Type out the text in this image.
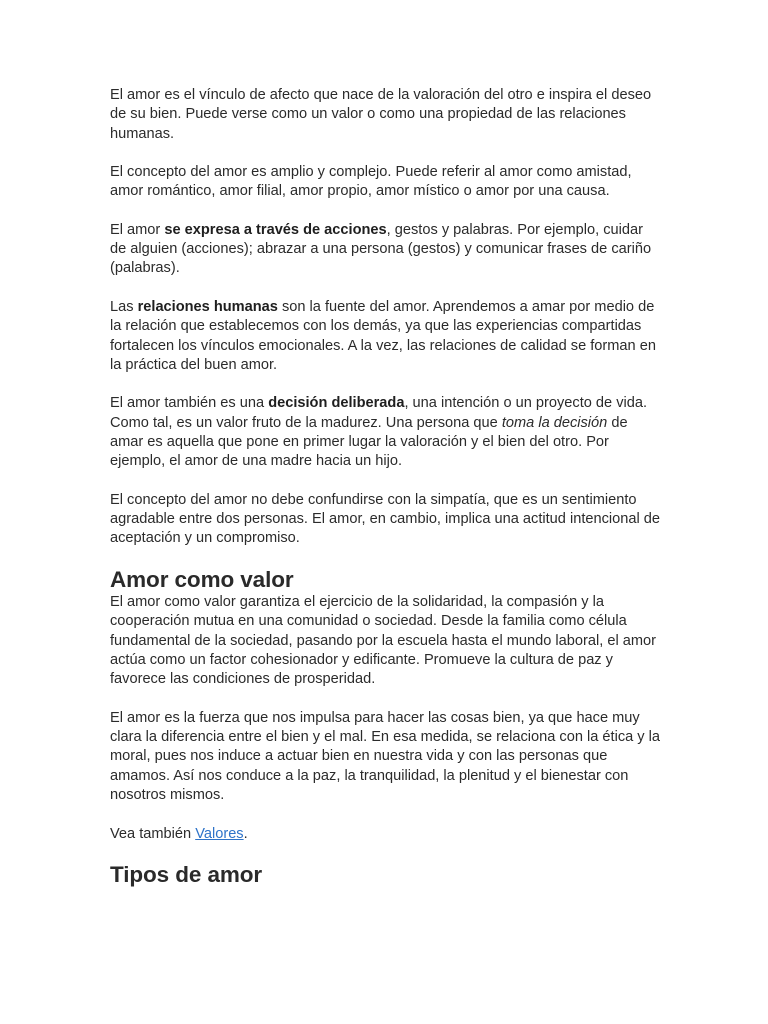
El amor es el vínculo de afecto que nace de la valoración del otro e inspira el deseo de su bien. Puede verse como un valor o como una propiedad de las relaciones humanas.

El concepto del amor es amplio y complejo. Puede referir al amor como amistad, amor romántico, amor filial, amor propio, amor místico o amor por una causa.

El amor se expresa a través de acciones, gestos y palabras. Por ejemplo, cuidar de alguien (acciones); abrazar a una persona (gestos) y comunicar frases de cariño (palabras).

Las relaciones humanas son la fuente del amor. Aprendemos a amar por medio de la relación que establecemos con los demás, ya que las experiencias compartidas fortalecen los vínculos emocionales. A la vez, las relaciones de calidad se forman en la práctica del buen amor.

El amor también es una decisión deliberada, una intención o un proyecto de vida. Como tal, es un valor fruto de la madurez. Una persona que toma la decisión de amar es aquella que pone en primer lugar la valoración y el bien del otro. Por ejemplo, el amor de una madre hacia un hijo.

El concepto del amor no debe confundirse con la simpatía, que es un sentimiento agradable entre dos personas. El amor, en cambio, implica una actitud intencional de aceptación y un compromiso.

Amor como valor

El amor como valor garantiza el ejercicio de la solidaridad, la compasión y la cooperación mutua en una comunidad o sociedad. Desde la familia como célula fundamental de la sociedad, pasando por la escuela hasta el mundo laboral, el amor actúa como un factor cohesionador y edificante. Promueve la cultura de paz y favorece las condiciones de prosperidad.

El amor es la fuerza que nos impulsa para hacer las cosas bien, ya que hace muy clara la diferencia entre el bien y el mal. En esa medida, se relaciona con la ética y la moral, pues nos induce a actuar bien en nuestra vida y con las personas que amamos. Así nos conduce a la paz, la tranquilidad, la plenitud y el bienestar con nosotros mismos.

Vea también Valores.

Tipos de amor
